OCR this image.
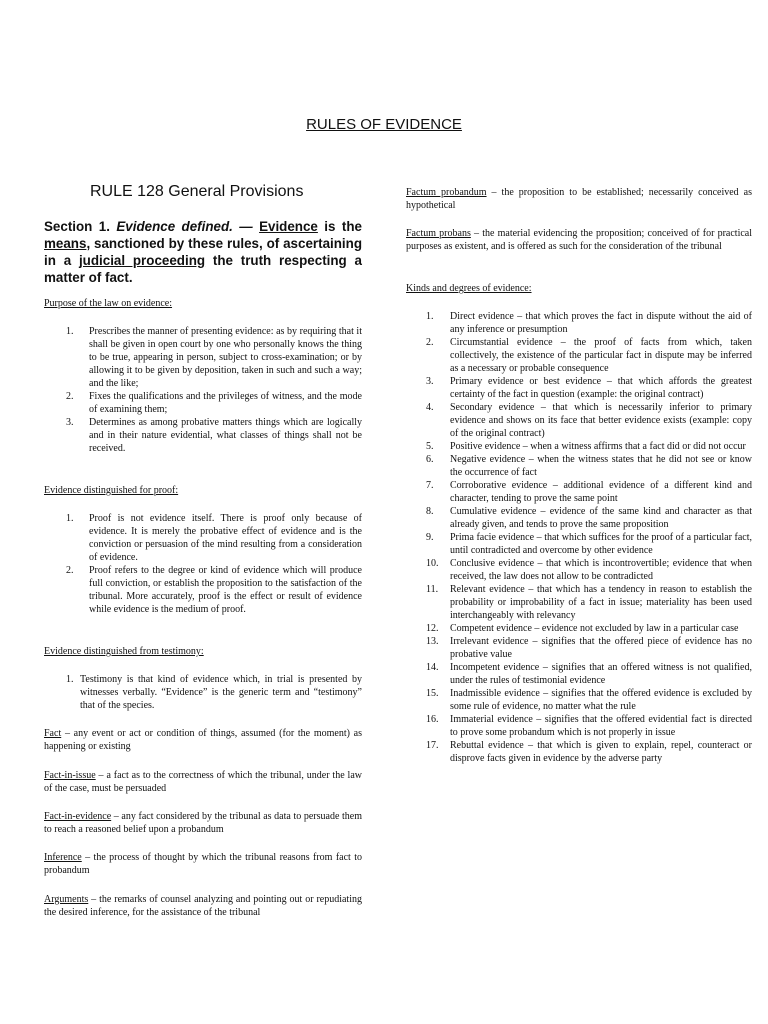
RULES OF EVIDENCE
RULE 128 General Provisions
Section 1. Evidence defined. — Evidence is the means, sanctioned by these rules, of ascertaining in a judicial proceeding the truth respecting a matter of fact.
Purpose of the law on evidence:
1.	Prescribes the manner of presenting evidence: as by requiring that it shall be given in open court by one who personally knows the thing to be true, appearing in person, subject to cross-examination; or by allowing it to be given by deposition, taken in such and such a way; and the like;
2.	Fixes the qualifications and the privileges of witness, and the mode of examining them;
3.	Determines as among probative matters things which are logically and in their nature evidential, what classes of things shall not be received.
Evidence distinguished for proof:
1.	Proof is not evidence itself. There is proof only because of evidence. It is merely the probative effect of evidence and is the conviction or persuasion of the mind resulting from a consideration of evidence.
2.	Proof refers to the degree or kind of evidence which will produce full conviction, or establish the proposition to the satisfaction of the tribunal. More accurately, proof is the effect or result of evidence while evidence is the medium of proof.
Evidence distinguished from testimony:
1. Testimony is that kind of evidence which, in trial is presented by witnesses verbally. “Evidence” is the generic term and “testimony” that of the species.
Fact – any event or act or condition of things, assumed (for the moment) as happening or existing
Fact-in-issue – a fact as to the correctness of which the tribunal, under the law of the case, must be persuaded
Fact-in-evidence – any fact considered by the tribunal as data to persuade them to reach a reasoned belief upon a probandum
Inference – the process of thought by which the tribunal reasons from fact to probandum
Arguments – the remarks of counsel analyzing and pointing out or repudiating the desired inference, for the assistance of the tribunal
Factum probandum – the proposition to be established; necessarily conceived as hypothetical
Factum probans – the material evidencing the proposition; conceived of for practical purposes as existent, and is offered as such for the consideration of the tribunal
Kinds and degrees of evidence:
1.	Direct evidence – that which proves the fact in dispute without the aid of any inference or presumption
2.	Circumstantial evidence – the proof of facts from which, taken collectively, the existence of the particular fact in dispute may be inferred as a necessary or probable consequence
3.	Primary evidence or best evidence – that which affords the greatest certainty of the fact in question (example: the original contract)
4.	Secondary evidence – that which is necessarily inferior to primary evidence and shows on its face that better evidence exists (example: copy of the original contract)
5.	Positive evidence – when a witness affirms that a fact did or did not occur
6.	Negative evidence – when the witness states that he did not see or know the occurrence of fact
7.	Corroborative evidence – additional evidence of a different kind and character, tending to prove the same point
8.	Cumulative evidence – evidence of the same kind and character as that already given, and tends to prove the same proposition
9.	Prima facie evidence – that which suffices for the proof of a particular fact, until contradicted and overcome by other evidence
10.	Conclusive evidence – that which is incontrovertible; evidence that when received, the law does not allow to be contradicted
11.	Relevant evidence – that which has a tendency in reason to establish the probability or improbability of a fact in issue; materiality has been used interchangeably with relevancy
12.	Competent evidence – evidence not excluded by law in a particular case
13.	Irrelevant evidence – signifies that the offered piece of evidence has no probative value
14.	Incompetent evidence – signifies that an offered witness is not qualified, under the rules of testimonial evidence
15.	Inadmissible evidence – signifies that the offered evidence is excluded by some rule of evidence, no matter what the rule
16.	Immaterial evidence – signifies that the offered evidential fact is directed to prove some probandum which is not properly in issue
17.	Rebuttal evidence – that which is given to explain, repel, counteract or disprove facts given in evidence by the adverse party
